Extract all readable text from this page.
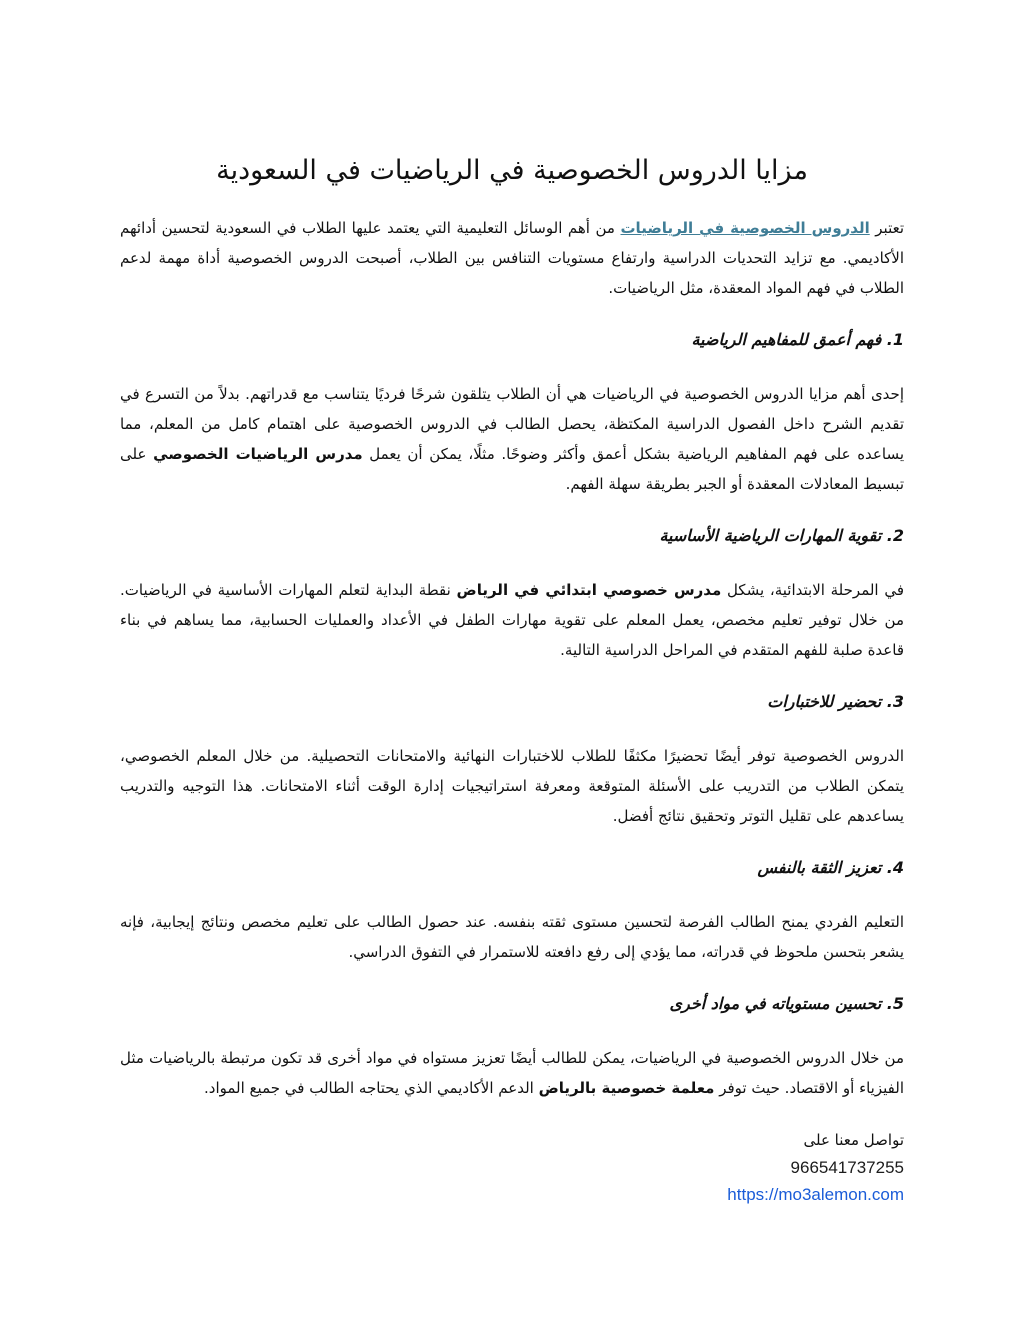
مزايا الدروس الخصوصية في الرياضيات في السعودية

تعتبر الدروس الخصوصية في الرياضيات من أهم الوسائل التعليمية التي يعتمد عليها الطلاب في السعودية لتحسين أدائهم الأكاديمي. مع تزايد التحديات الدراسية وارتفاع مستويات التنافس بين الطلاب، أصبحت الدروس الخصوصية أداة مهمة لدعم الطلاب في فهم المواد المعقدة، مثل الرياضيات.

1. فهم أعمق للمفاهيم الرياضية

إحدى أهم مزايا الدروس الخصوصية في الرياضيات هي أن الطلاب يتلقون شرحًا فرديًا يتناسب مع قدراتهم. بدلاً من التسرع في تقديم الشرح داخل الفصول الدراسية المكتظة، يحصل الطالب في الدروس الخصوصية على اهتمام كامل من المعلم، مما يساعده على فهم المفاهيم الرياضية بشكل أعمق وأكثر وضوحًا. مثلًا، يمكن أن يعمل مدرس الرياضيات الخصوصي على تبسيط المعادلات المعقدة أو الجبر بطريقة سهلة الفهم.

2. تقوية المهارات الرياضية الأساسية

في المرحلة الابتدائية، يشكل مدرس خصوصي ابتدائي في الرياض نقطة البداية لتعلم المهارات الأساسية في الرياضيات. من خلال توفير تعليم مخصص، يعمل المعلم على تقوية مهارات الطفل في الأعداد والعمليات الحسابية، مما يساهم في بناء قاعدة صلبة للفهم المتقدم في المراحل الدراسية التالية.

3. تحضير للاختبارات

الدروس الخصوصية توفر أيضًا تحضيرًا مكثفًا للطلاب للاختبارات النهائية والامتحانات التحصيلية. من خلال المعلم الخصوصي، يتمكن الطلاب من التدريب على الأسئلة المتوقعة ومعرفة استراتيجيات إدارة الوقت أثناء الامتحانات. هذا التوجيه والتدريب يساعدهم على تقليل التوتر وتحقيق نتائج أفضل.

4. تعزيز الثقة بالنفس

التعليم الفردي يمنح الطالب الفرصة لتحسين مستوى ثقته بنفسه. عند حصول الطالب على تعليم مخصص ونتائج إيجابية، فإنه يشعر بتحسن ملحوظ في قدراته، مما يؤدي إلى رفع دافعته للاستمرار في التفوق الدراسي.

5. تحسين مستوياته في مواد أخرى

من خلال الدروس الخصوصية في الرياضيات، يمكن للطالب أيضًا تعزيز مستواه في مواد أخرى قد تكون مرتبطة بالرياضيات مثل الفيزياء أو الاقتصاد. حيث توفر معلمة خصوصية بالرياض الدعم الأكاديمي الذي يحتاجه الطالب في جميع المواد.

تواصل معنا على
966541737255
https://mo3alemon.com
